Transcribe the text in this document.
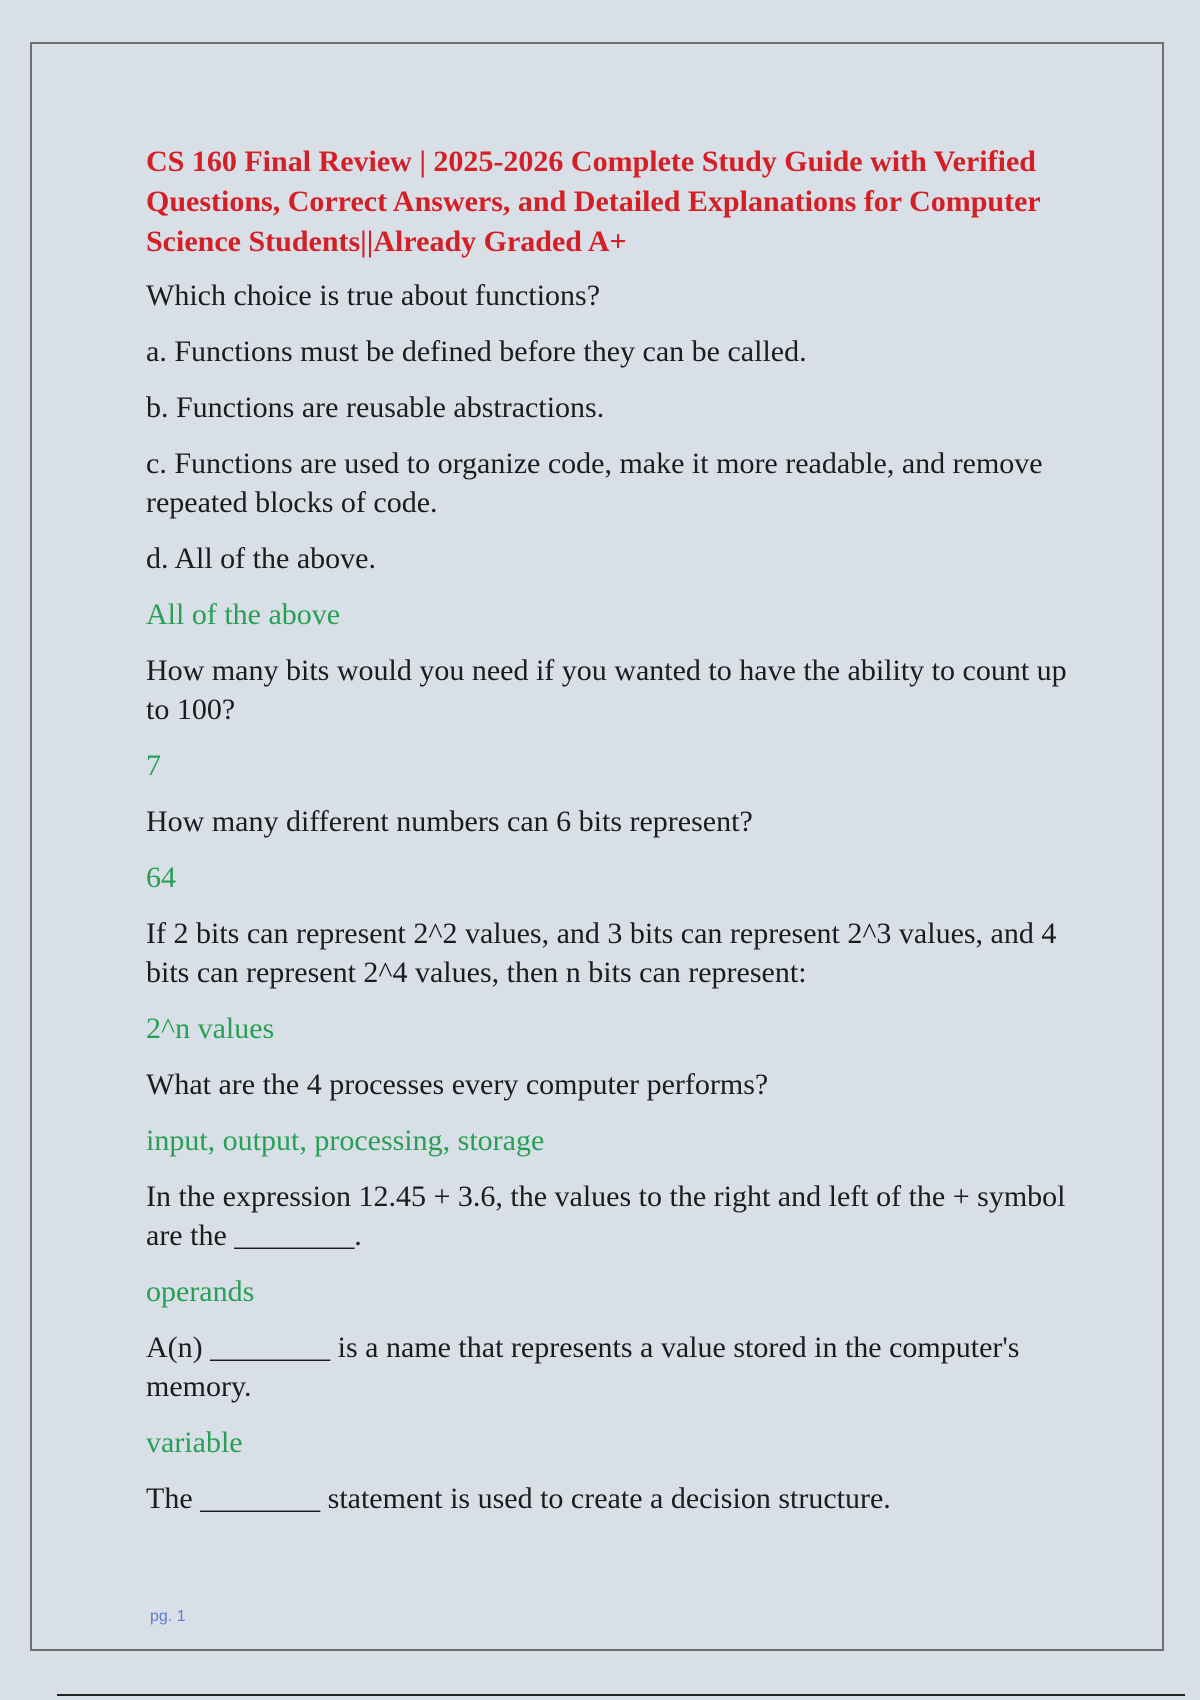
CS 160 Final Review | 2025-2026 Complete Study Guide with Verified Questions, Correct Answers, and Detailed Explanations for Computer Science Students||Already Graded A+
Which choice is true about functions?
a. Functions must be defined before they can be called.
b. Functions are reusable abstractions.
c. Functions are used to organize code, make it more readable, and remove repeated blocks of code.
d. All of the above.
All of the above
How many bits would you need if you wanted to have the ability to count up to 100?
7
How many different numbers can 6 bits represent?
64
If 2 bits can represent 2^2 values, and 3 bits can represent 2^3 values, and 4 bits can represent 2^4 values, then n bits can represent:
2^n values
What are the 4 processes every computer performs?
input, output, processing, storage
In the expression 12.45 + 3.6, the values to the right and left of the + symbol are the ________.
operands
A(n) ________ is a name that represents a value stored in the computer's memory.
variable
The ________ statement is used to create a decision structure.
pg. 1
